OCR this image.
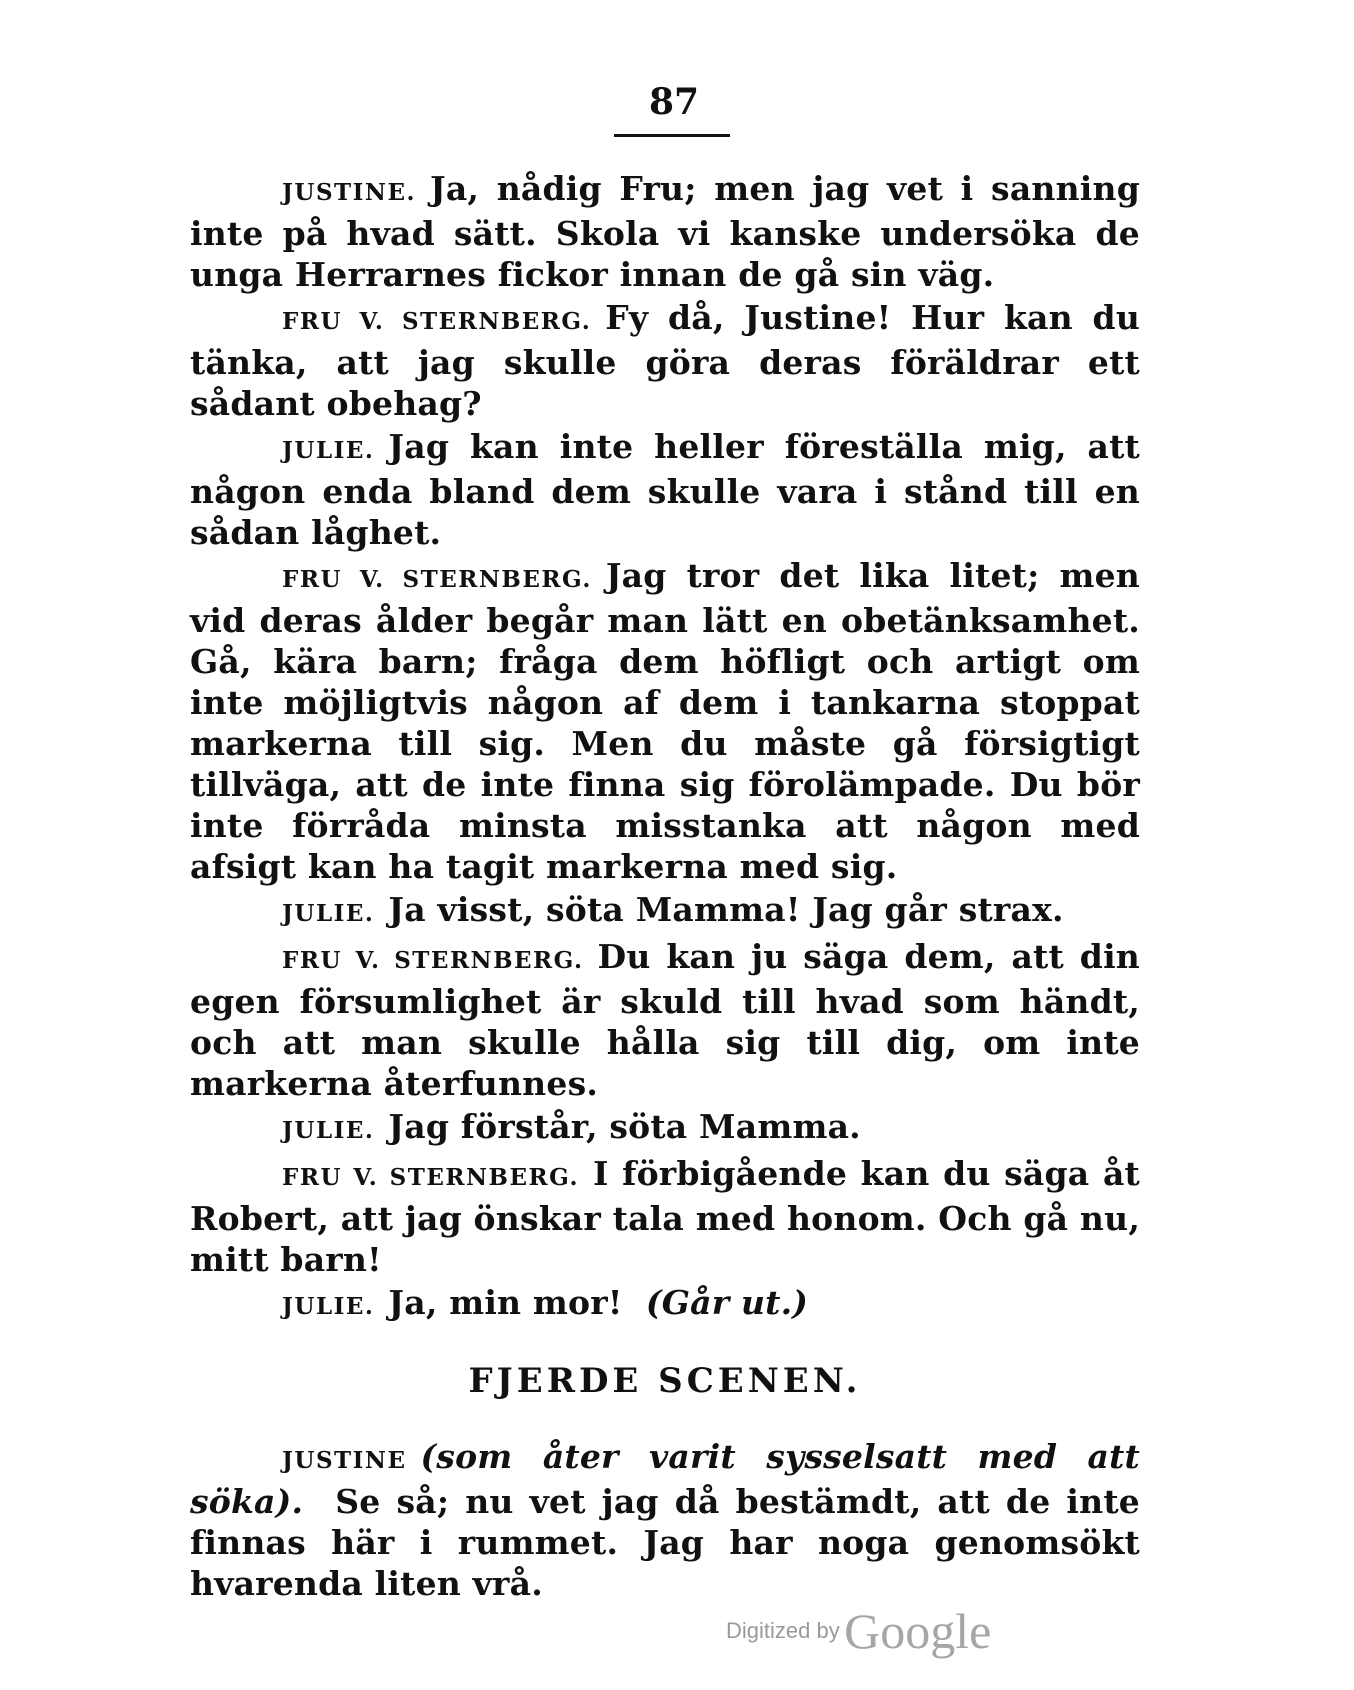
87

JUSTINE. Ja, nådig Fru; men jag vet i sanning inte på hvad sätt. Skola vi kanske undersöka de unga Herrarnes fickor innan de gå sin väg.

FRU V. STERNBERG. Fy då, Justine! Hur kan du tänka, att jag skulle göra deras föräldrar ett sådant obehag?

JULIE. Jag kan inte heller föreställa mig, att någon enda bland dem skulle vara i stånd till en sådan låghet.

FRU V. STERNBERG. Jag tror det lika litet; men vid deras ålder begår man lätt en obetänksamhet. Gå, kära barn; fråga dem höfligt och artigt om inte möjligtvis någon af dem i tankarna stoppat markerna till sig. Men du måste gå försigtigt tillväga, att de inte finna sig förolämpade. Du bör inte förråda minsta misstanka att någon med afsigt kan ha tagit markerna med sig.

JULIE. Ja visst, söta Mamma! Jag går strax.

FRU V. STERNBERG. Du kan ju säga dem, att din egen försumlighet är skuld till hvad som händt, och att man skulle hålla sig till dig, om inte markerna återfunnes.

JULIE. Jag förstår, söta Mamma.

FRU V. STERNBERG. I förbigående kan du säga åt Robert, att jag önskar tala med honom. Och gå nu, mitt barn!

JULIE. Ja, min mor! (Går ut.)

FJERDE SCENEN.

JUSTINE (som åter varit sysselsatt med att söka). Se så; nu vet jag då bestämdt, att de inte finnas här i rummet. Jag har noga genomsökt hvarenda liten vrå.

Digitized by Google
